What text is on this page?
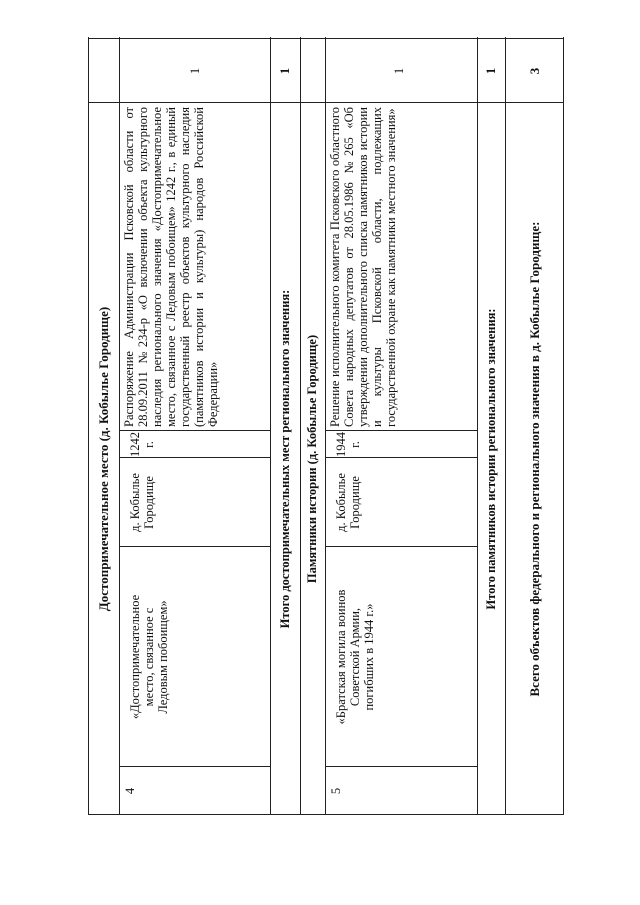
Достопримечательное место (д. Кобылье Городище)
4
«Достопримечательное
место, связанное с
Ледовым побоищем»
д. Кобылье
Городище
1242
г.
Распоряжение Администрации Псковской области от 28.09.2011 №234-р «О включении объекта культурного наследия регионального значения «Достопримечательное место, связанное с Ледовым побоищем» 1242 г., в единый государственный реестр объектов культурного наследия (памятников истории и культуры) народов Российской Федерации»
1
Итого достопримечательных мест регионального значения:
1
Памятники истории (д. Кобылье Городище)
5
«Братская могила воинов
Советской Армии,
погибших в 1944 г.»
д. Кобылье
Городище
1944
г.
Решение исполнительного комитета Псковского областного Совета народных депутатов от 28.05.1986 №265 «Об утверждении дополнительного списка памятников истории и культуры Псковской области, подлежащих государственной охране как памятники местного значения»
1
Итого памятников истории регионального значения:
1
Всего объектов федерального и регионального значения в д. Кобылье Городище:
3
